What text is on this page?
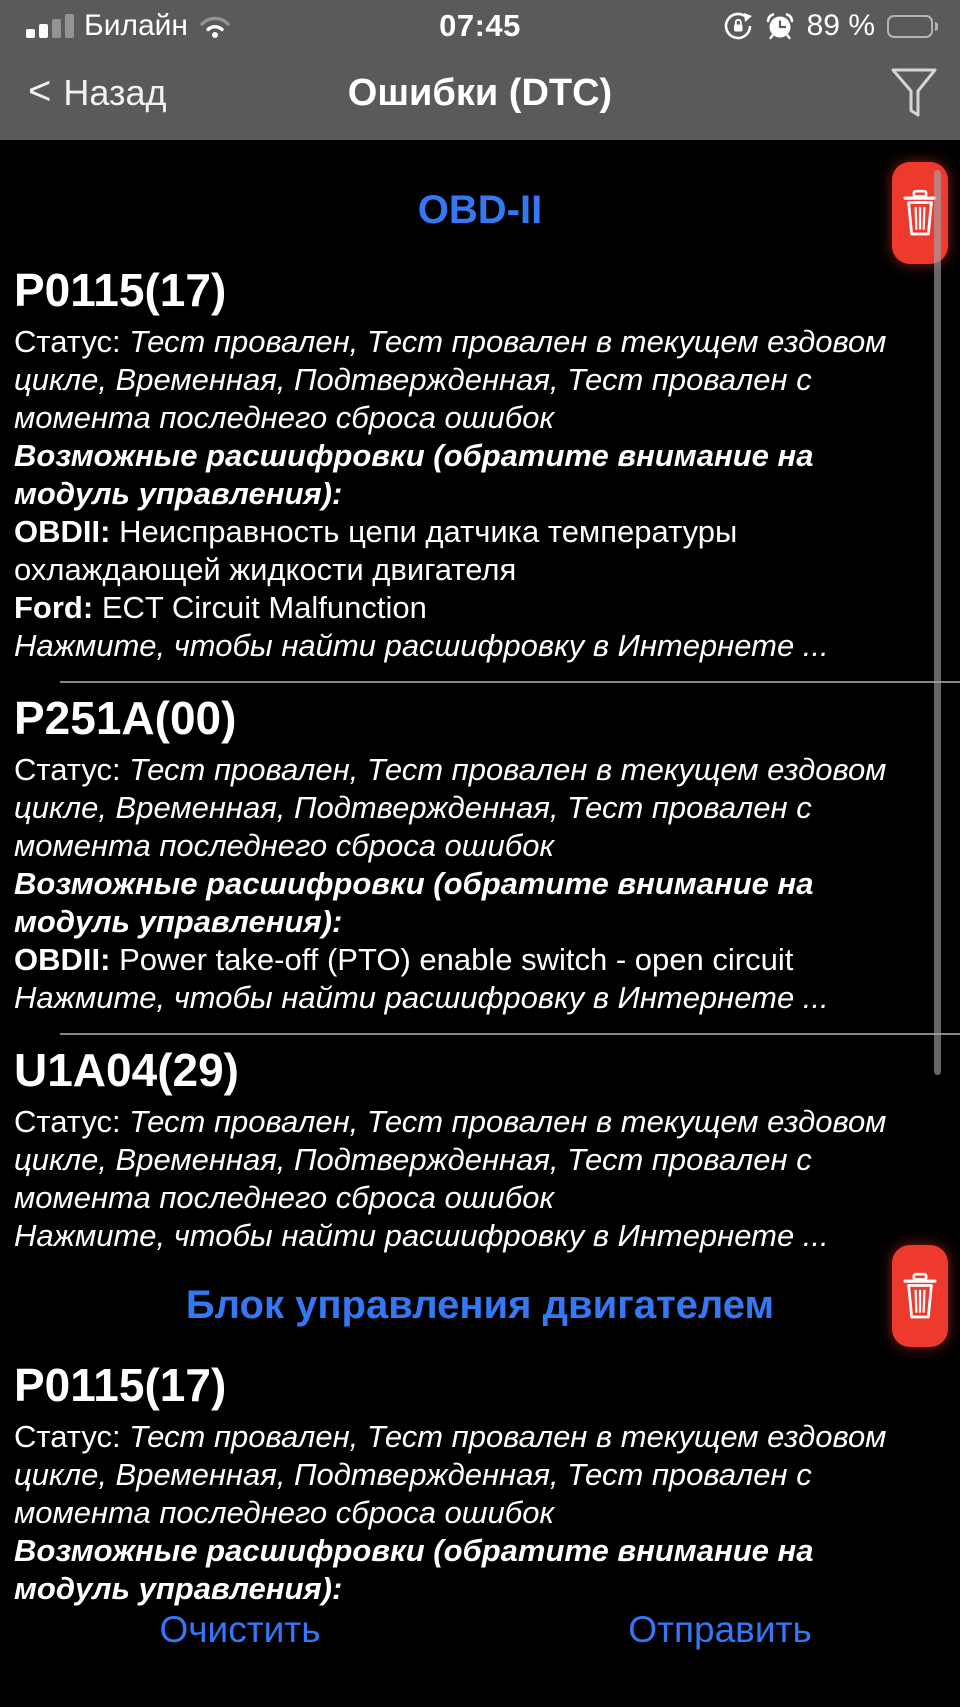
Билайн	07:45	89 %
< Назад	Ошибки (DTC)
OBD-II
P0115(17)

Статус: Тест провален, Тест провален в текущем ездовом цикле, Временная, Подтвержденная, Тест провален с момента последнего сброса ошибок

Возможные расшифровки (обратите внимание на модуль управления):

OBDII: Неисправность цепи датчика температуры охлаждающей жидкости двигателя

Ford: ECT Circuit Malfunction

Нажмите, чтобы найти расшифровку в Интернете ...

P251A(00)

Статус: Тест провален, Тест провален в текущем ездовом цикле, Временная, Подтвержденная, Тест провален с момента последнего сброса ошибок

Возможные расшифровки (обратите внимание на модуль управления):

OBDII: Power take-off (PTO) enable switch - open circuit

Нажмите, чтобы найти расшифровку в Интернете ...

U1A04(29)

Статус: Тест провален, Тест провален в текущем ездовом цикле, Временная, Подтвержденная, Тест провален с момента последнего сброса ошибок

Нажмите, чтобы найти расшифровку в Интернете ...

Блок управления двигателем
P0115(17)

Статус: Тест провален, Тест провален в текущем ездовом цикле, Временная, Подтвержденная, Тест провален с момента последнего сброса ошибок

Возможные расшифровки (обратите внимание на модуль управления):

Очистить	Отправить
